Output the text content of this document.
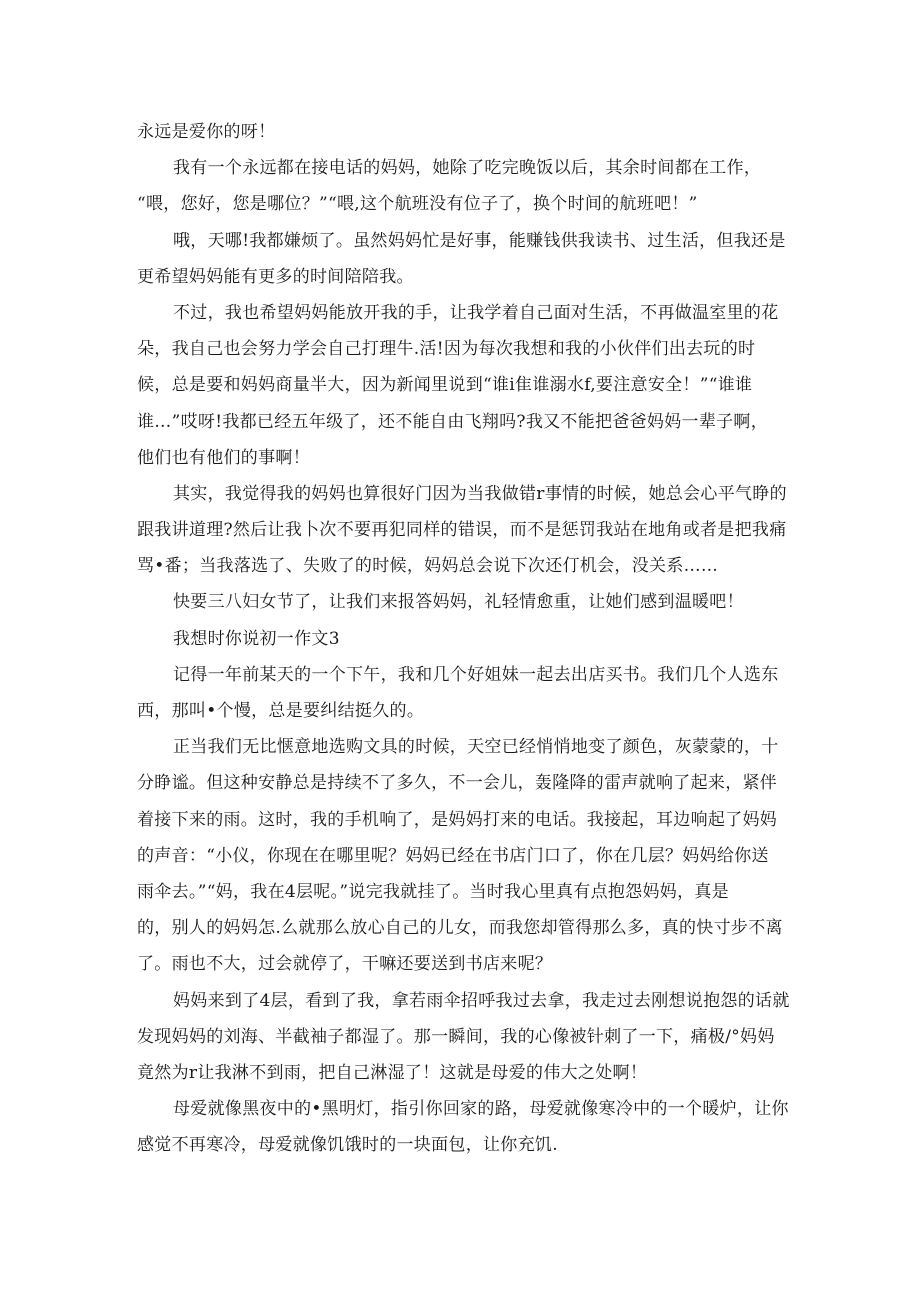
永远是爱你的呀！
我有一个永远都在接电话的妈妈，她除了吃完晚饭以后，其余时间都在工作，
“喂，您好，您是哪位？”“喂,这个航班没有位子了，换个时间的航班吧！”
哦，天哪!我都嫌烦了。虽然妈妈忙是好事，能赚钱供我读书、过生活，但我还是
更希望妈妈能有更多的时间陪陪我。
不过，我也希望妈妈能放开我的手，让我学着自己面对生活，不再做温室里的花
朵，我自己也会努力学会自己打理牛.活!因为每次我想和我的小伙伴们出去玩的时
候，总是要和妈妈商量半大，因为新闻里说到“谁i隹谁溺水f,要注意安全！”“谁谁
谁…”哎呀!我都已经五年级了，还不能自由飞翔吗?我又不能把爸爸妈妈一辈子啊，
他们也有他们的事啊！
其实，我觉得我的妈妈也算很好门因为当我做错r事情的时候，她总会心平气睁的
跟我讲道理?然后让我卜次不要再犯同样的错误，而不是惩罚我站在地角或者是把我痛
骂•番；当我落选了、失败了的时候，妈妈总会说下次还仃机会，没关系……
快要三八妇女节了，让我们来报答妈妈，礼轻情愈重，让她们感到温暖吧！
我想时你说初一作文3
记得一年前某天的一个下午，我和几个好姐妹一起去出店买书。我们几个人选东
西，那叫•个慢，总是要纠结挺久的。
正当我们无比惬意地选购文具的时候，天空已经悄悄地变了颜色，灰蒙蒙的，十
分睁谧。但这种安静总是持续不了多久，不一会儿，轰隆降的雷声就响了起来，紧伴
着接下来的雨。这时，我的手机响了，是妈妈打来的电话。我接起，耳边响起了妈妈
的声音：“小仪，你现在在哪里呢？妈妈已经在书店门口了，你在几层？妈妈给你送
雨伞去。”“妈，我在4层呢。”说完我就挂了。当时我心里真有点抱怨妈妈，真是
的，别人的妈妈怎.么就那么放心自己的儿女，而我您却管得那么多，真的快寸步不离
了。雨也不大，过会就停了，干嘛还要送到书店来呢？
妈妈来到了4层，看到了我，拿若雨伞招呼我过去拿，我走过去刚想说抱怨的话就
发现妈妈的刘海、半截袖子都湿了。那一瞬间，我的心像被针刺了一下，痛极/°妈妈
竟然为r让我淋不到雨，把自己淋湿了！这就是母爱的伟大之处啊！
母爱就像黑夜中的•黑明灯，指引你回家的路，母爱就像寒冷中的一个暖炉，让你
感觉不再寒冷，母爱就像饥饿时的一块面包，让你充饥.
